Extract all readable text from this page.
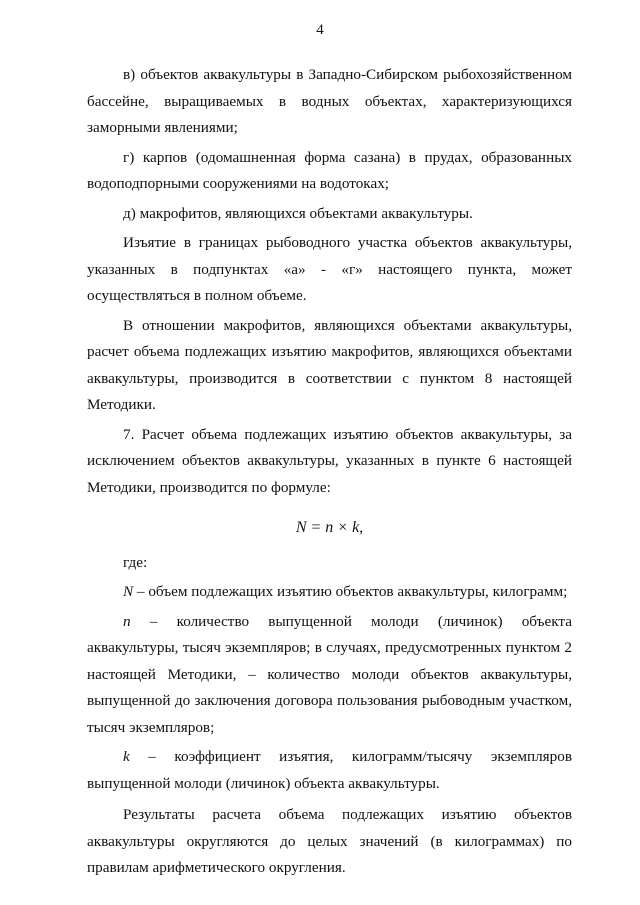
4

в) объектов аквакультуры в Западно-Сибирском рыбохозяйственном бассейне, выращиваемых в водных объектах, характеризующихся заморными явлениями;

г) карпов (одомашненная форма сазана) в прудах, образованных водоподпорными сооружениями на водотоках;

д) макрофитов, являющихся объектами аквакультуры.

Изъятие в границах рыбоводного участка объектов аквакультуры, указанных в подпунктах «а» - «г» настоящего пункта, может осуществляться в полном объеме.

В отношении макрофитов, являющихся объектами аквакультуры, расчет объема подлежащих изъятию макрофитов, являющихся объектами аквакультуры, производится в соответствии с пунктом 8 настоящей Методики.

7. Расчет объема подлежащих изъятию объектов аквакультуры, за исключением объектов аквакультуры, указанных в пункте 6 настоящей Методики, производится по формуле:

N = n × k,

где:

N – объем подлежащих изъятию объектов аквакультуры, килограмм;

n – количество выпущенной молоди (личинок) объекта аквакультуры, тысяч экземпляров; в случаях, предусмотренных пунктом 2 настоящей Методики, – количество молоди объектов аквакультуры, выпущенной до заключения договора пользования рыбоводным участком, тысяч экземпляров;

k – коэффициент изъятия, килограмм/тысячу экземпляров выпущенной молоди (личинок) объекта аквакультуры.

Результаты расчета объема подлежащих изъятию объектов аквакультуры округляются до целых значений (в килограммах) по правилам арифметического округления.
